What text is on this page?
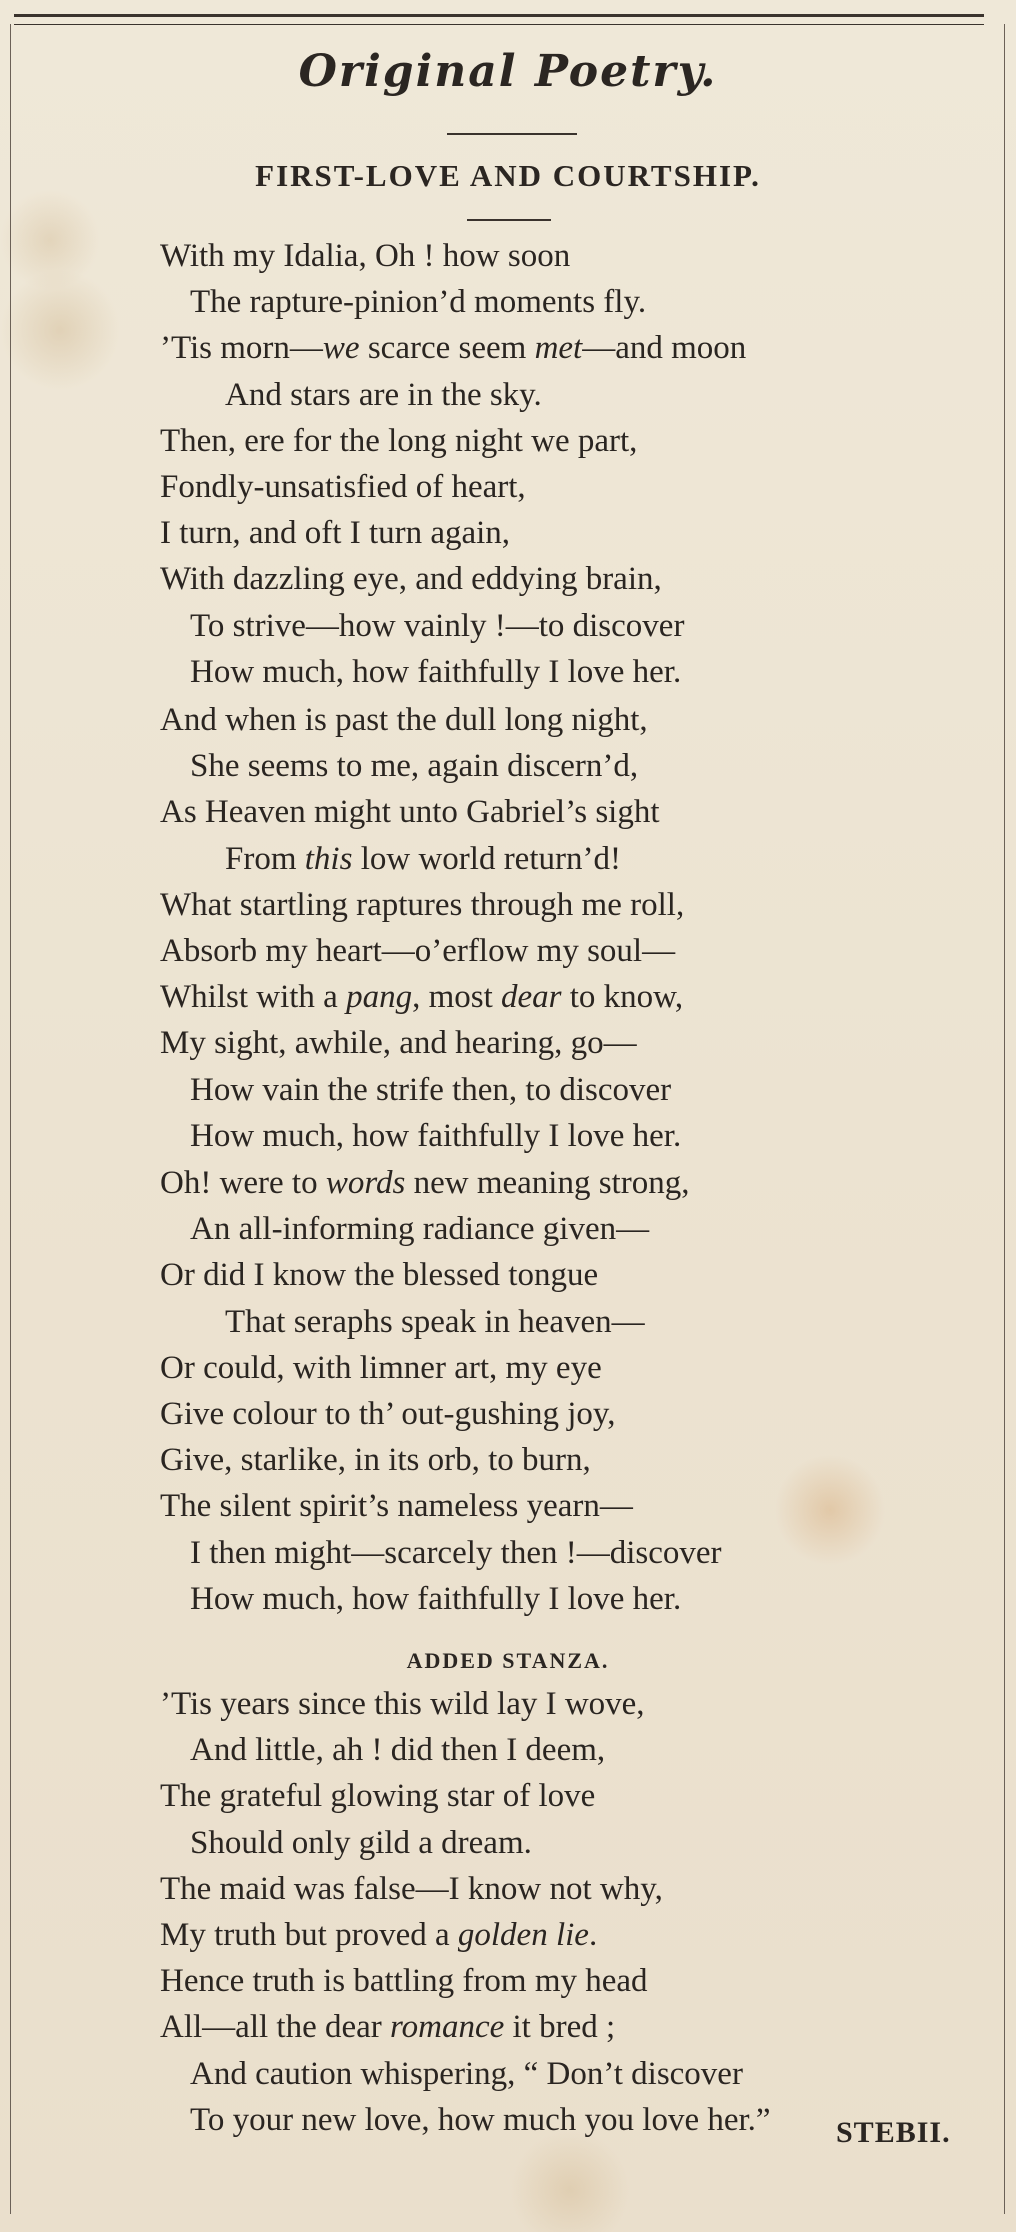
Original Poetry.
FIRST-LOVE AND COURTSHIP.
With my Idalia, Oh ! how soon
The rapture-pinion’d moments fly.
’Tis morn—we scarce seem met—and moon
And stars are in the sky.
Then, ere for the long night we part,
Fondly-unsatisfied of heart,
I turn, and oft I turn again,
With dazzling eye, and eddying brain,
To strive—how vainly !—to discover
How much, how faithfully I love her.
And when is past the dull long night,
She seems to me, again discern’d,
As Heaven might unto Gabriel’s sight
From this low world return’d!
What startling raptures through me roll,
Absorb my heart—o’erflow my soul—
Whilst with a pang, most dear to know,
My sight, awhile, and hearing, go—
How vain the strife then, to discover
How much, how faithfully I love her.
Oh! were to words new meaning strong,
An all-informing radiance given—
Or did I know the blessed tongue
That seraphs speak in heaven—
Or could, with limner art, my eye
Give colour to th’ out-gushing joy,
Give, starlike, in its orb, to burn,
The silent spirit’s nameless yearn—
I then might—scarcely then !—discover
How much, how faithfully I love her.
ADDED STANZA.
’Tis years since this wild lay I wove,
And little, ah ! did then I deem,
The grateful glowing star of love
Should only gild a dream.
The maid was false—I know not why,
My truth but proved a golden lie.
Hence truth is battling from my head
All—all the dear romance it bred ;
And caution whispering, “ Don’t discover
To your new love, how much you love her.” STEBII.
